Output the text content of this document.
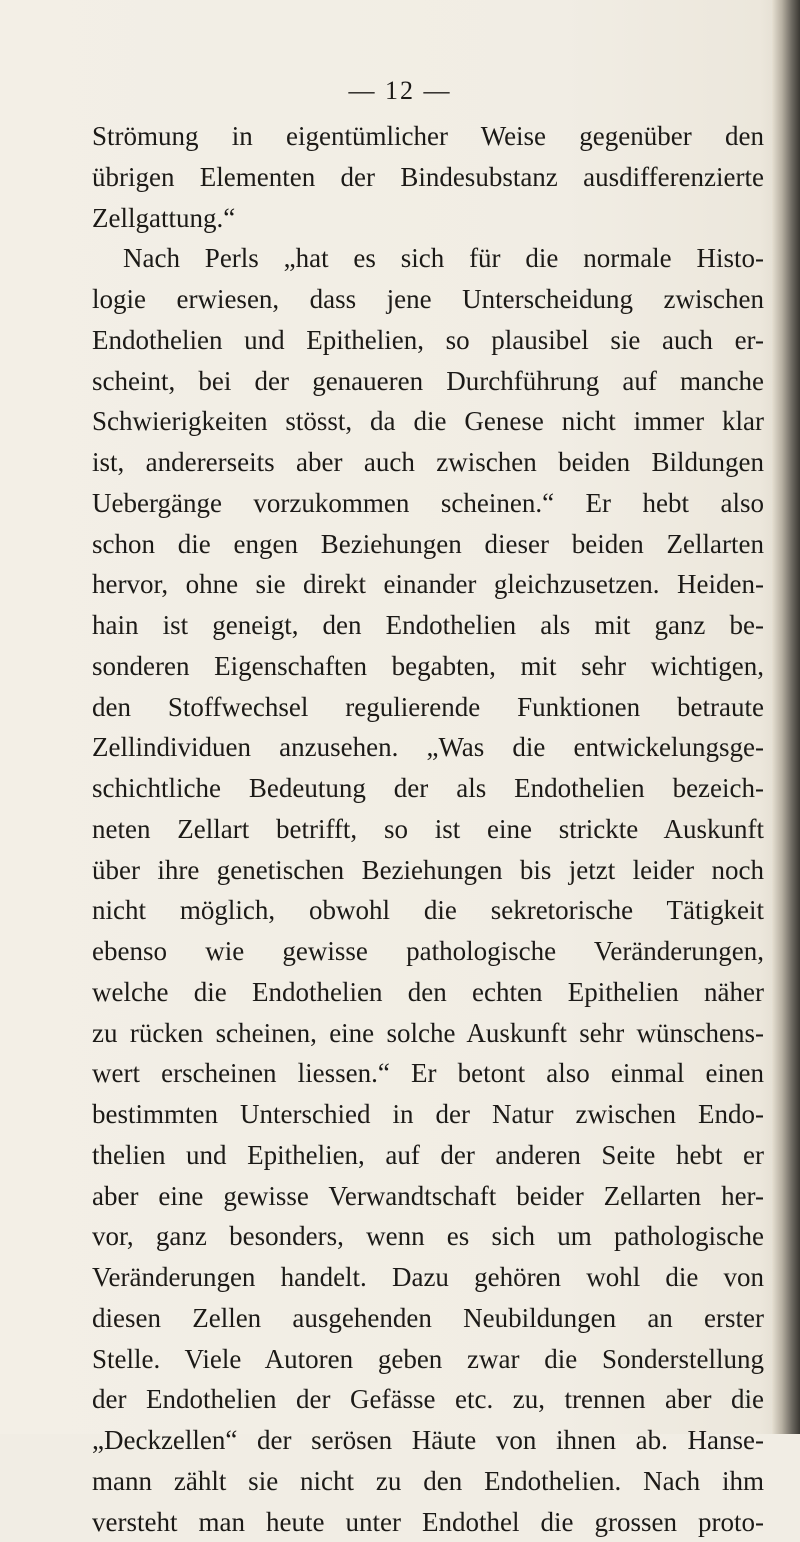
— 12 —
Strömung in eigentümlicher Weise gegenüber den
übrigen Elementen der Bindesubstanz ausdifferenzierte
Zellgattung.“
Nach Perls „hat es sich für die normale Histo-
logie erwiesen, dass jene Unterscheidung zwischen
Endothelien und Epithelien, so plausibel sie auch er-
scheint, bei der genaueren Durchführung auf manche
Schwierigkeiten stösst, da die Genese nicht immer klar
ist, andererseits aber auch zwischen beiden Bildungen
Uebergänge vorzukommen scheinen.“ Er hebt also
schon die engen Beziehungen dieser beiden Zellarten
hervor, ohne sie direkt einander gleichzusetzen. Heiden-
hain ist geneigt, den Endothelien als mit ganz be-
sonderen Eigenschaften begabten, mit sehr wichtigen,
den Stoffwechsel regulierende Funktionen betraute
Zellindividuen anzusehen. „Was die entwickelungsge-
schichtliche Bedeutung der als Endothelien bezeich-
neten Zellart betrifft, so ist eine strickte Auskunft
über ihre genetischen Beziehungen bis jetzt leider noch
nicht möglich, obwohl die sekretorische Tätigkeit
ebenso wie gewisse pathologische Veränderungen,
welche die Endothelien den echten Epithelien näher
zu rücken scheinen, eine solche Auskunft sehr wünschens-
wert erscheinen liessen.“ Er betont also einmal einen
bestimmten Unterschied in der Natur zwischen Endo-
thelien und Epithelien, auf der anderen Seite hebt er
aber eine gewisse Verwandtschaft beider Zellarten her-
vor, ganz besonders, wenn es sich um pathologische
Veränderungen handelt. Dazu gehören wohl die von
diesen Zellen ausgehenden Neubildungen an erster
Stelle. Viele Autoren geben zwar die Sonderstellung
der Endothelien der Gefässe etc. zu, trennen aber die
„Deckzellen“ der serösen Häute von ihnen ab. Hanse-
mann zählt sie nicht zu den Endothelien. Nach ihm
versteht man heute unter Endothel die grossen proto-
